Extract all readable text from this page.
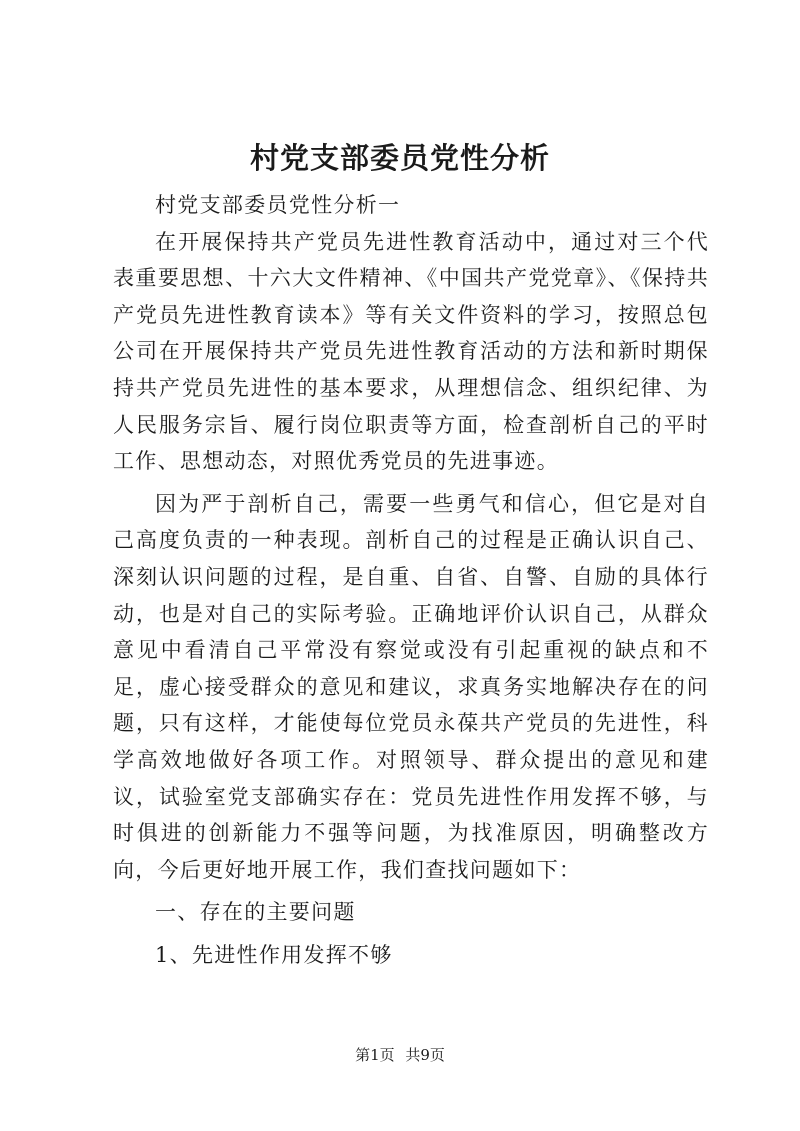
村党支部委员党性分析

村党支部委员党性分析一

在开展保持共产党员先进性教育活动中，通过对三个代表重要思想、十六大文件精神、《中国共产党党章》、《保持共产党员先进性教育读本》等有关文件资料的学习，按照总包公司在开展保持共产党员先进性教育活动的方法和新时期保持共产党员先进性的基本要求，从理想信念、组织纪律、为人民服务宗旨、履行岗位职责等方面，检查剖析自己的平时工作、思想动态，对照优秀党员的先进事迹。

因为严于剖析自己，需要一些勇气和信心，但它是对自己高度负责的一种表现。剖析自己的过程是正确认识自己、深刻认识问题的过程，是自重、自省、自警、自励的具体行动，也是对自己的实际考验。正确地评价认识自己，从群众意见中看清自己平常没有察觉或没有引起重视的缺点和不足，虚心接受群众的意见和建议，求真务实地解决存在的问题，只有这样，才能使每位党员永葆共产党员的先进性，科学高效地做好各项工作。对照领导、群众提出的意见和建议，试验室党支部确实存在：党员先进性作用发挥不够，与时俱进的创新能力不强等问题，为找准原因，明确整改方向，今后更好地开展工作，我们查找问题如下：

一、存在的主要问题

1、先进性作用发挥不够

第1页 共9页
